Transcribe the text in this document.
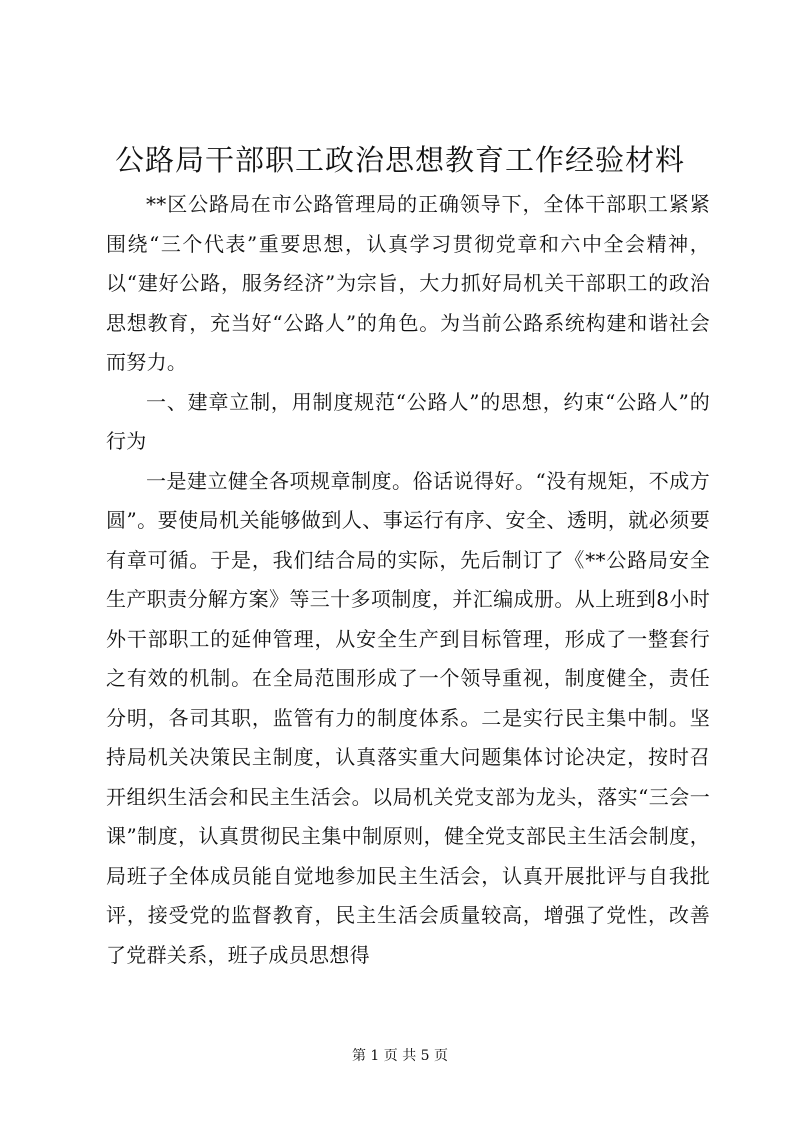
公路局干部职工政治思想教育工作经验材料

**区公路局在市公路管理局的正确领导下，全体干部职工紧紧围绕“三个代表”重要思想，认真学习贯彻党章和六中全会精神，以“建好公路，服务经济”为宗旨，大力抓好局机关干部职工的政治思想教育，充当好“公路人”的角色。为当前公路系统构建和谐社会而努力。

一、建章立制，用制度规范“公路人”的思想，约束“公路人”的行为

一是建立健全各项规章制度。俗话说得好。“没有规矩，不成方圆”。要使局机关能够做到人、事运行有序、安全、透明，就必须要有章可循。于是，我们结合局的实际，先后制订了《**公路局安全生产职责分解方案》等三十多项制度，并汇编成册。从上班到8小时外干部职工的延伸管理，从安全生产到目标管理，形成了一整套行之有效的机制。在全局范围形成了一个领导重视，制度健全，责任分明，各司其职，监管有力的制度体系。二是实行民主集中制。坚持局机关决策民主制度，认真落实重大问题集体讨论决定，按时召开组织生活会和民主生活会。以局机关党支部为龙头，落实“三会一课”制度，认真贯彻民主集中制原则，健全党支部民主生活会制度，局班子全体成员能自觉地参加民主生活会，认真开展批评与自我批评，接受党的监督教育，民主生活会质量较高，增强了党性，改善了党群关系，班子成员思想得

第 1 页 共 5 页
